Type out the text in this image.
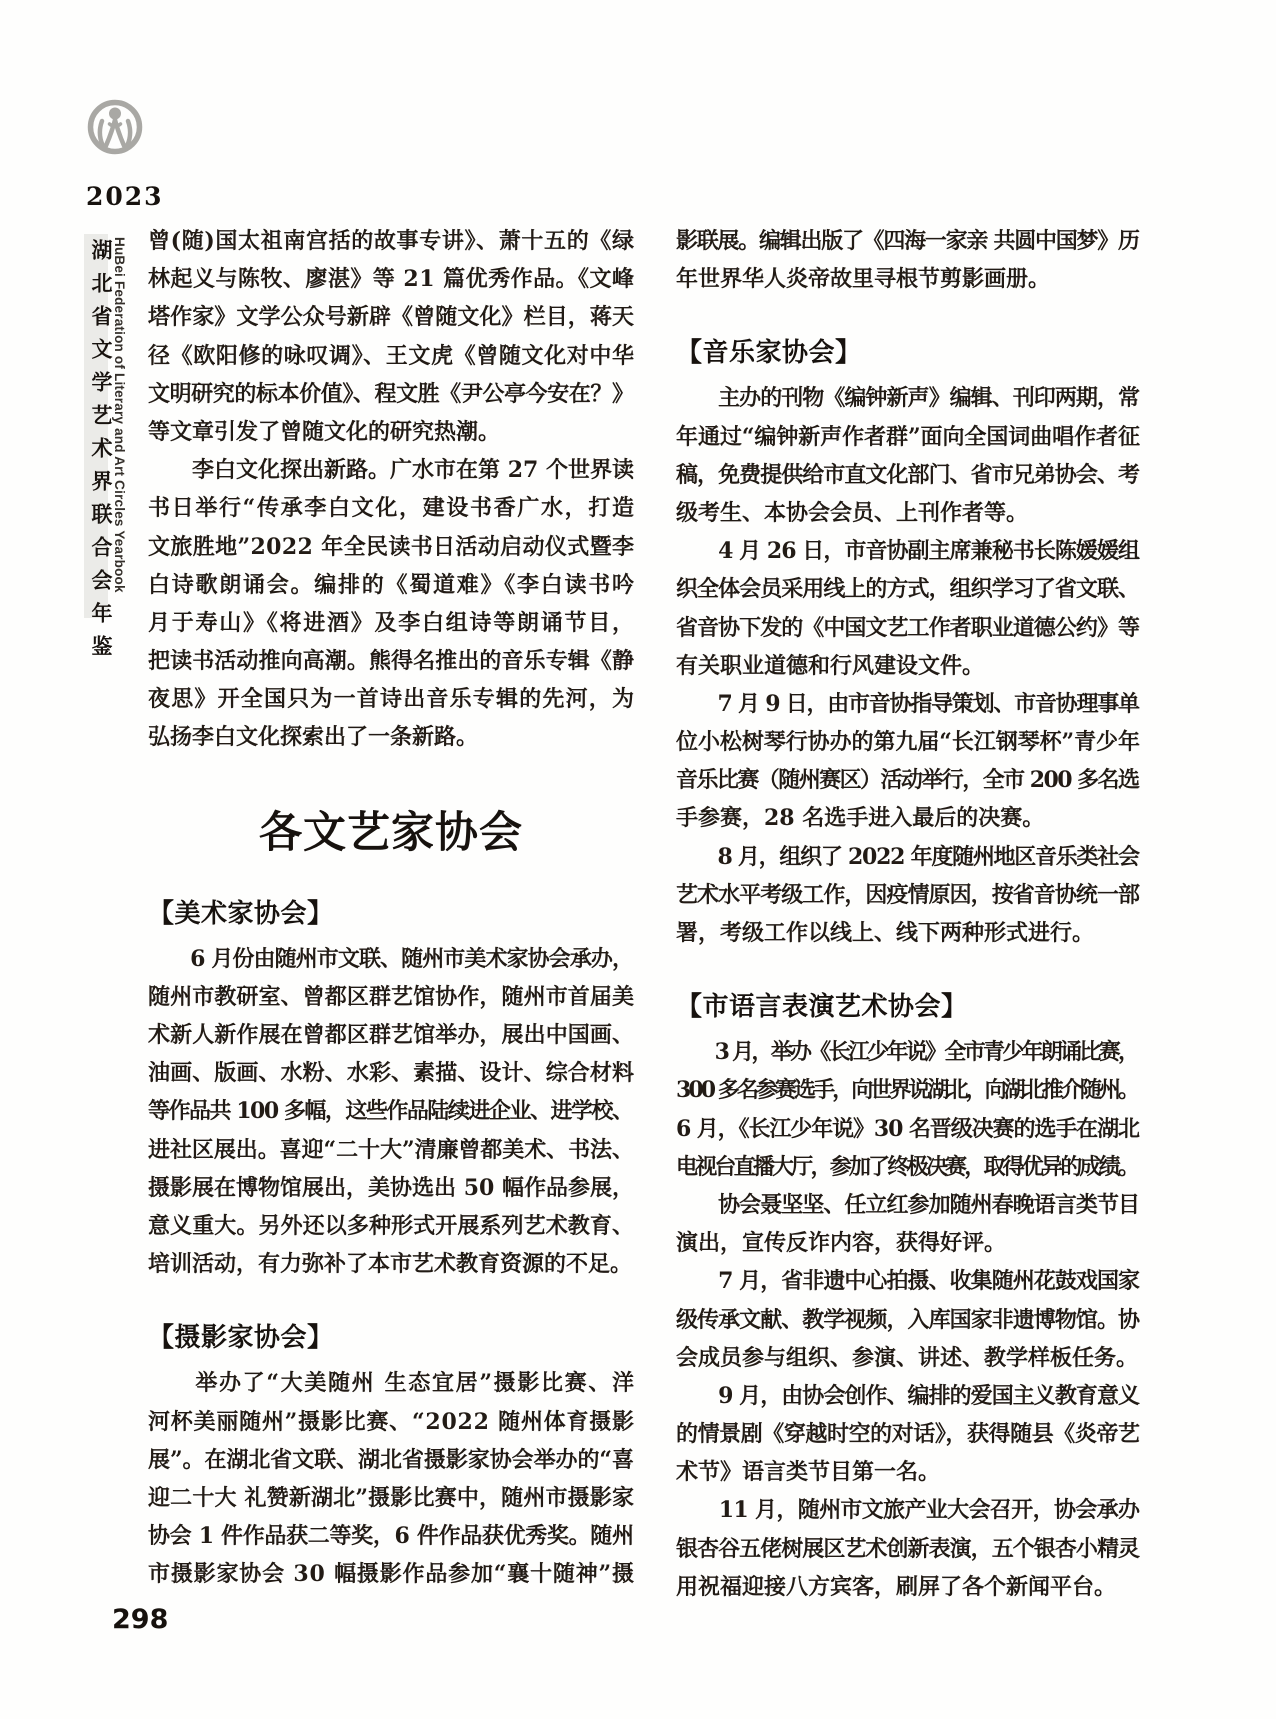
2023
湖北省文学艺术界联合会年鉴 HuBei Federation of Literary and Art Circles Yearbook 曾(随)国太祖南宫括的故事专讲》、萧十五的《绿
林起义与陈牧、廖湛》等 21 篇优秀作品。《文峰
塔作家》文学公众号新辟《曾随文化》栏目，蒋天
径《欧阳修的咏叹调》、王文虎《曾随文化对中华
文明研究的标本价值》、程文胜《尹公亭今安在？》
等文章引发了曾随文化的研究热潮。
　　李白文化探出新路。广水市在第 27 个世界读
书日举行“传承李白文化，建设书香广水，打造
文旅胜地”2022 年全民读书日活动启动仪式暨李
白诗歌朗诵会。编排的《蜀道难》《李白读书吟
月于寿山》《将进酒》及李白组诗等朗诵节目，
把读书活动推向高潮。熊得名推出的音乐专辑《静
夜思》开全国只为一首诗出音乐专辑的先河，为
弘扬李白文化探索出了一条新路。
各文艺家协会
【美术家协会】
　　6 月份由随州市文联、随州市美术家协会承办，
随州市教研室、曾都区群艺馆协作，随州市首届美
术新人新作展在曾都区群艺馆举办，展出中国画、
油画、版画、水粉、水彩、素描、设计、综合材料
等作品共 100 多幅，这些作品陆续进企业、进学校、
进社区展出。喜迎“二十大”清廉曾都美术、书法、
摄影展在博物馆展出，美协选出 50 幅作品参展，
意义重大。另外还以多种形式开展系列艺术教育、
培训活动，有力弥补了本市艺术教育资源的不足。
【摄影家协会】
　　举办了“大美随州 生态宜居”摄影比赛、洋
河杯美丽随州”摄影比赛、“2022 随州体育摄影
展”。在湖北省文联、湖北省摄影家协会举办的“喜
迎二十大 礼赞新湖北”摄影比赛中，随州市摄影家
协会 1 件作品获二等奖，6 件作品获优秀奖。随州
市摄影家协会 30 幅摄影作品参加“襄十随神”摄
影联展。编辑出版了《四海一家亲 共圆中国梦》历
年世界华人炎帝故里寻根节剪影画册。
【音乐家协会】
　　主办的刊物《编钟新声》编辑、刊印两期，常
年通过“编钟新声作者群”面向全国词曲唱作者征
稿，免费提供给市直文化部门、省市兄弟协会、考
级考生、本协会会员、上刊作者等。
　　4 月 26 日，市音协副主席兼秘书长陈媛媛组
织全体会员采用线上的方式，组织学习了省文联、
省音协下发的《中国文艺工作者职业道德公约》等
有关职业道德和行风建设文件。
　　7 月 9 日，由市音协指导策划、市音协理事单
位小松树琴行协办的第九届“长江钢琴杯”青少年
音乐比赛（随州赛区）活动举行，全市 200 多名选
手参赛，28 名选手进入最后的决赛。
　　8 月，组织了 2022 年度随州地区音乐类社会
艺术水平考级工作，因疫情原因，按省音协统一部
署，考级工作以线上、线下两种形式进行。
【市语言表演艺术协会】
　　3 月，举办《长江少年说》全市青少年朗诵比赛，
300 多名参赛选手，向世界说湖北，向湖北推介随州。
6 月，《长江少年说》30 名晋级决赛的选手在湖北
电视台直播大厅，参加了终极决赛，取得优异的成绩。
　　协会聂坚坚、任立红参加随州春晚语言类节目
演出，宣传反诈内容，获得好评。
　　7 月，省非遗中心拍摄、收集随州花鼓戏国家
级传承文献、教学视频，入库国家非遗博物馆。协
会成员参与组织、参演、讲述、教学样板任务。
　　9 月，由协会创作、编排的爱国主义教育意义
的情景剧《穿越时空的对话》，获得随县《炎帝艺
术节》语言类节目第一名。
　　11 月，随州市文旅产业大会召开，协会承办
银杏谷五佬树展区艺术创新表演，五个银杏小精灵
用祝福迎接八方宾客，刷屏了各个新闻平台。
298
